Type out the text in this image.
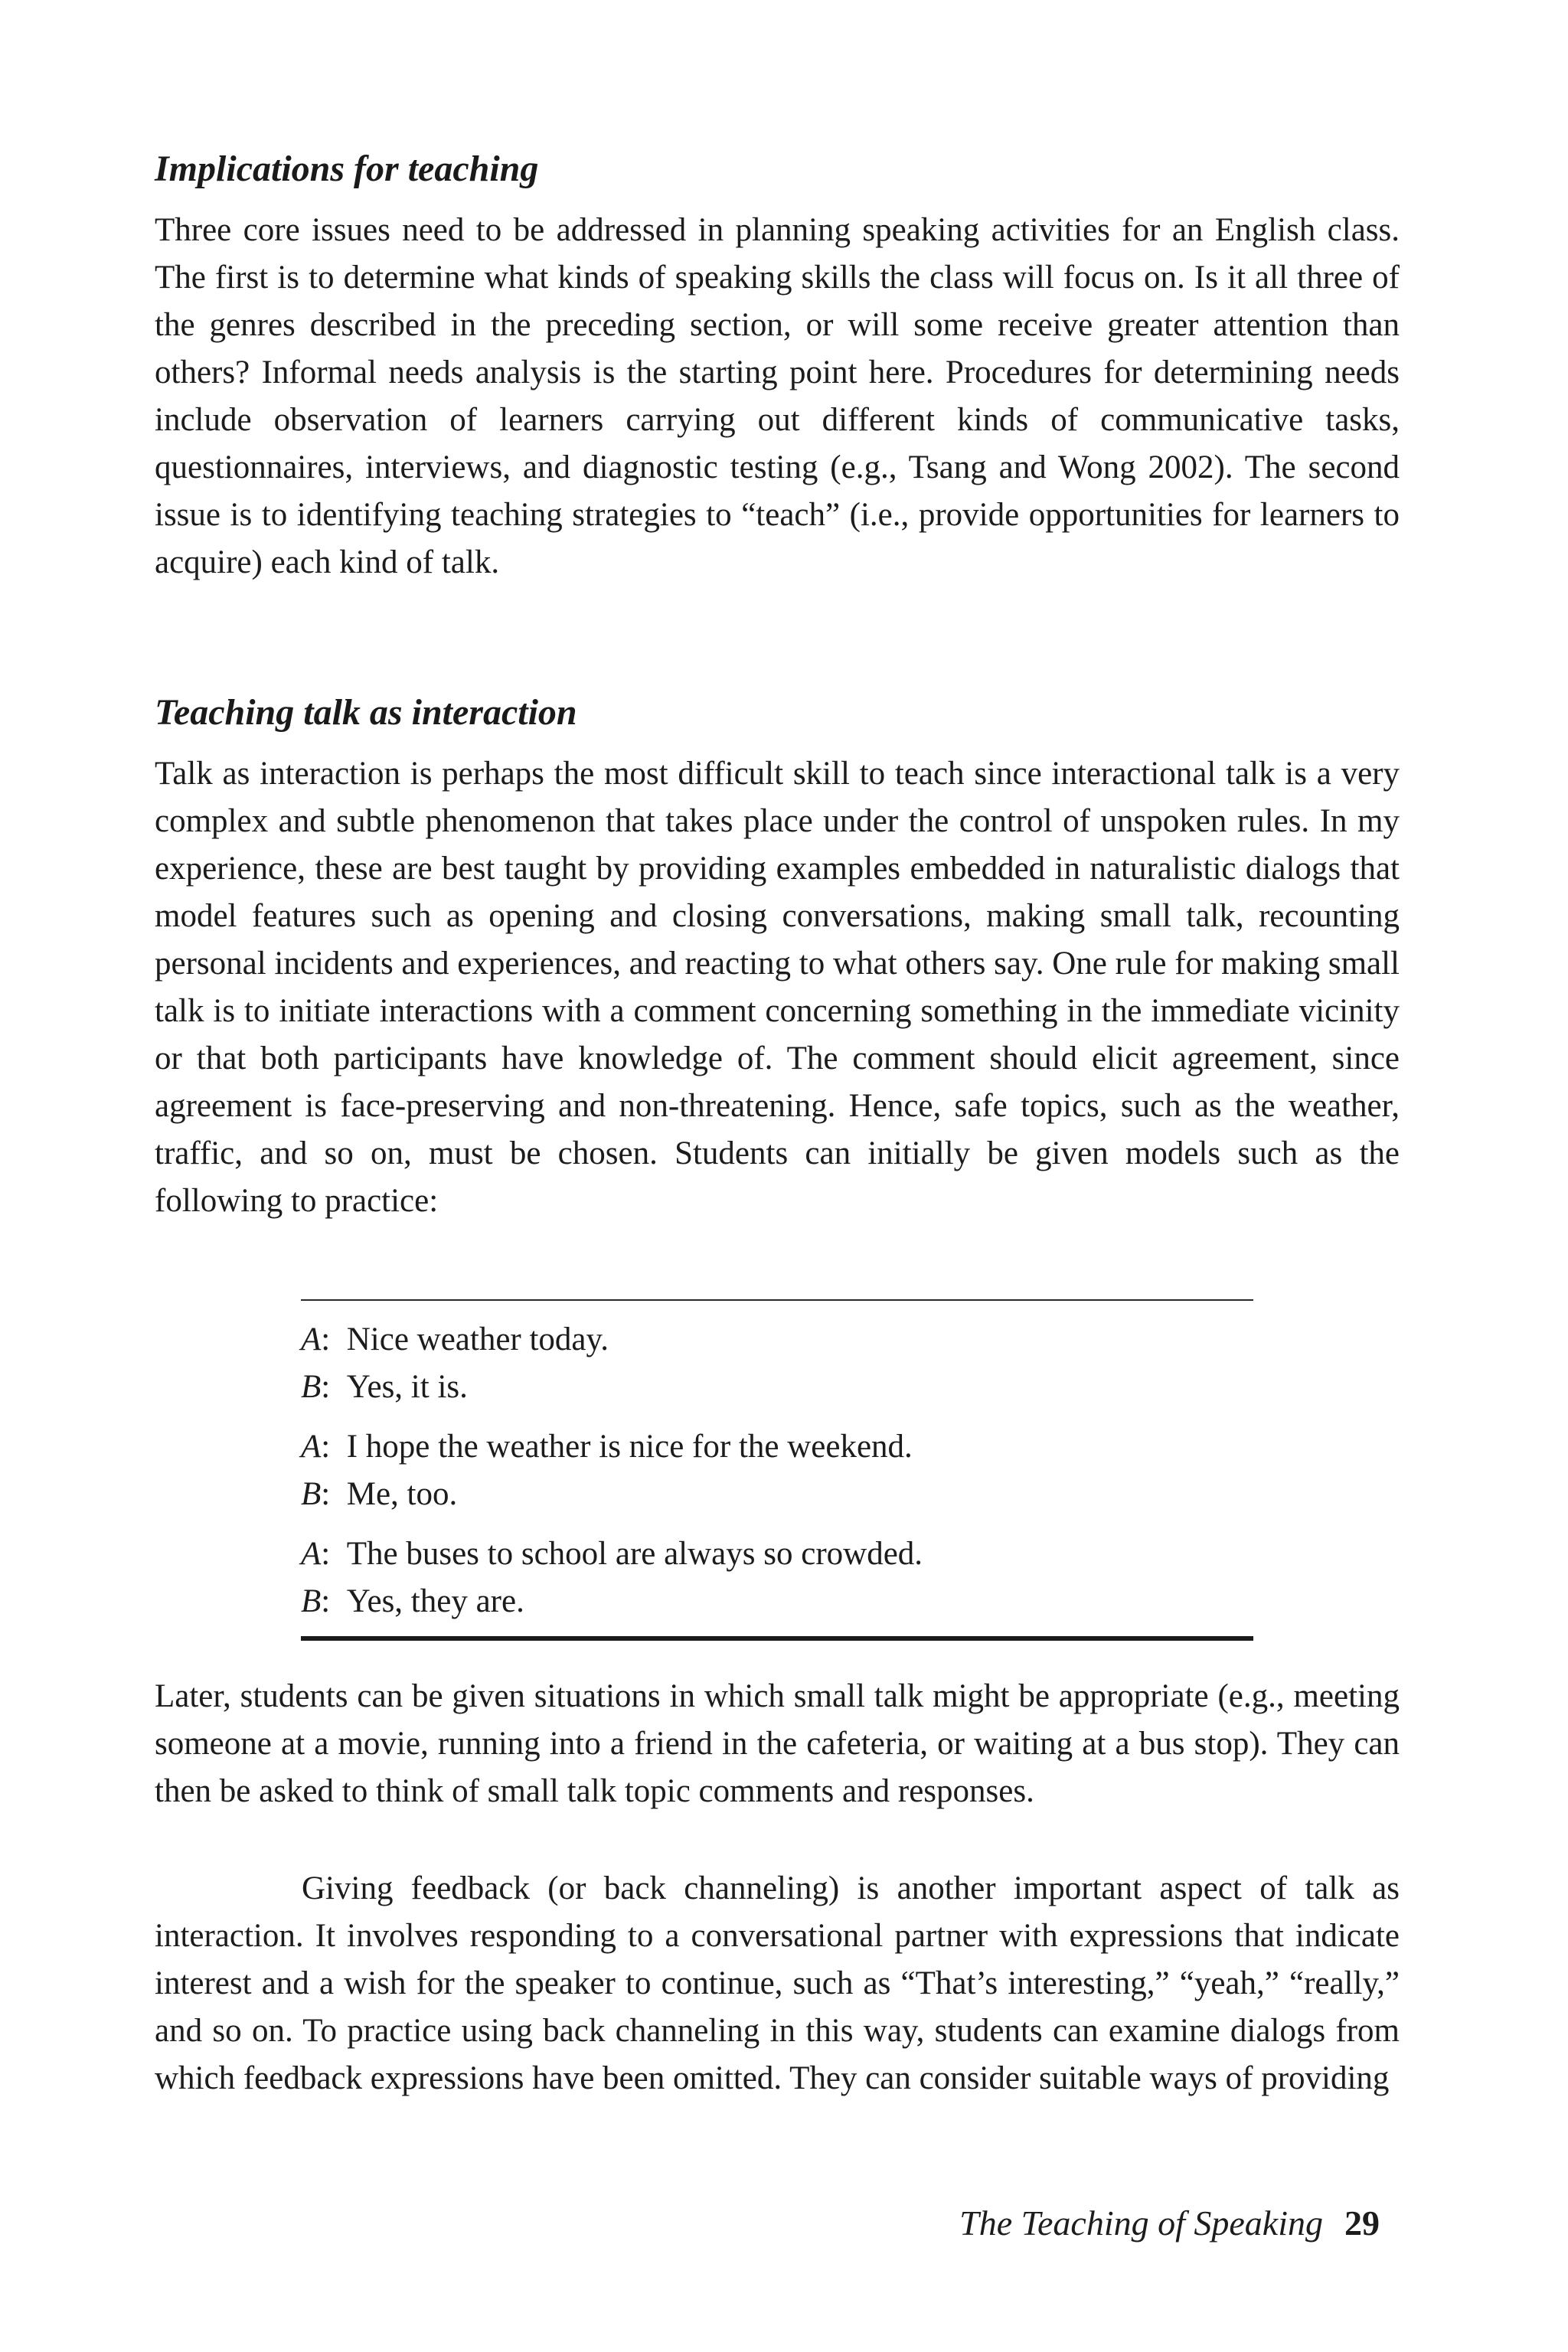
Implications for teaching

Three core issues need to be addressed in planning speaking activities for an English class. The first is to determine what kinds of speaking skills the class will focus on. Is it all three of the genres described in the preceding section, or will some receive greater attention than others? Informal needs analysis is the starting point here. Procedures for determining needs include observation of learners carrying out different kinds of communicative tasks, questionnaires, interviews, and diagnostic testing (e.g., Tsang and Wong 2002). The second issue is to identifying teaching strategies to “teach” (i.e., provide opportunities for learners to acquire) each kind of talk.

Teaching talk as interaction

Talk as interaction is perhaps the most difficult skill to teach since interactional talk is a very complex and subtle phenomenon that takes place under the control of unspoken rules. In my experience, these are best taught by providing examples embedded in naturalistic dialogs that model features such as opening and closing conversations, making small talk, recounting personal incidents and experiences, and reacting to what others say. One rule for making small talk is to initiate interactions with a comment concerning something in the immediate vicinity or that both participants have knowledge of. The comment should elicit agreement, since agreement is face-preserving and non-threatening. Hence, safe topics, such as the weather, traffic, and so on, must be chosen. Students can initially be given models such as the following to practice:

A:  Nice weather today.
B:  Yes, it is.
A:  I hope the weather is nice for the weekend.
B:  Me, too.
A:  The buses to school are always so crowded.
B:  Yes, they are.

Later, students can be given situations in which small talk might be appropriate (e.g., meeting someone at a movie, running into a friend in the cafeteria, or waiting at a bus stop). They can then be asked to think of small talk topic comments and responses.

Giving feedback (or back channeling) is another important aspect of talk as interaction. It involves responding to a conversational partner with expressions that indicate interest and a wish for the speaker to continue, such as “That’s interesting,” “yeah,” “really,” and so on. To practice using back channeling in this way, students can examine dialogs from which feedback expressions have been omitted. They can consider suitable ways of providing

The Teaching of Speaking 29
